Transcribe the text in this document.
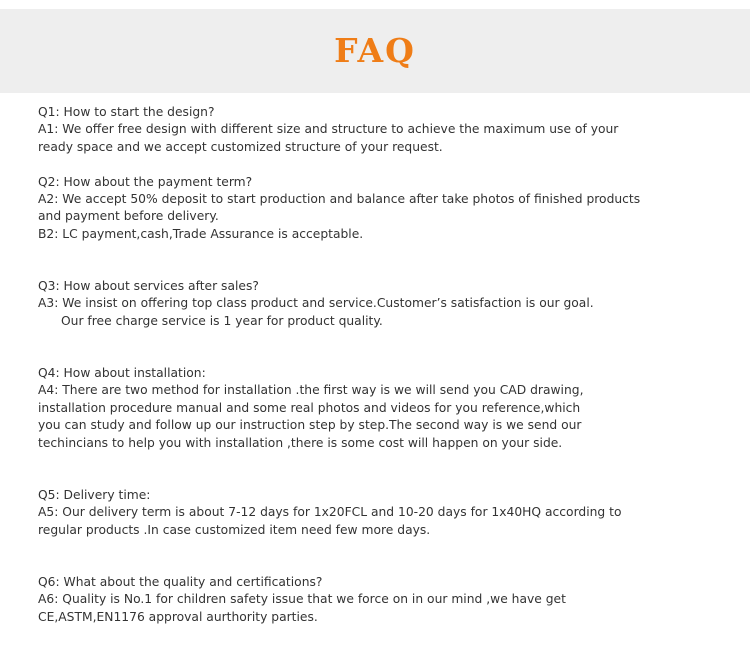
FAQ

Q1: How to start the design?

A1: We offer free design with different size and structure to achieve the maximum use of your

ready space and we accept customized structure of your request.

Q2: How about the payment term?

A2: We accept 50% deposit to start production and balance after take photos of finished products

and payment before delivery.

B2: LC payment,cash,Trade Assurance is acceptable.

Q3: How about services after sales?

A3: We insist on offering top class product and service.Customer’s satisfaction is our goal.

Our free charge service is 1 year for product quality.

Q4: How about installation:

A4: There are two method for installation .the first way is we will send you CAD drawing,

installation procedure manual and some real photos and videos for you reference,which

you can study and follow up our instruction step by step.The second way is we send our

techincians to help you with installation ,there is some cost will happen on your side.

Q5: Delivery time:

A5: Our delivery term is about 7-12 days for 1x20FCL and 10-20 days for 1x40HQ according to

regular products .In case customized item need few more days.

Q6: What about the quality and certifications?

A6: Quality is No.1 for children safety issue that we force on in our mind ,we have get

CE,ASTM,EN1176 approval aurthority parties.
